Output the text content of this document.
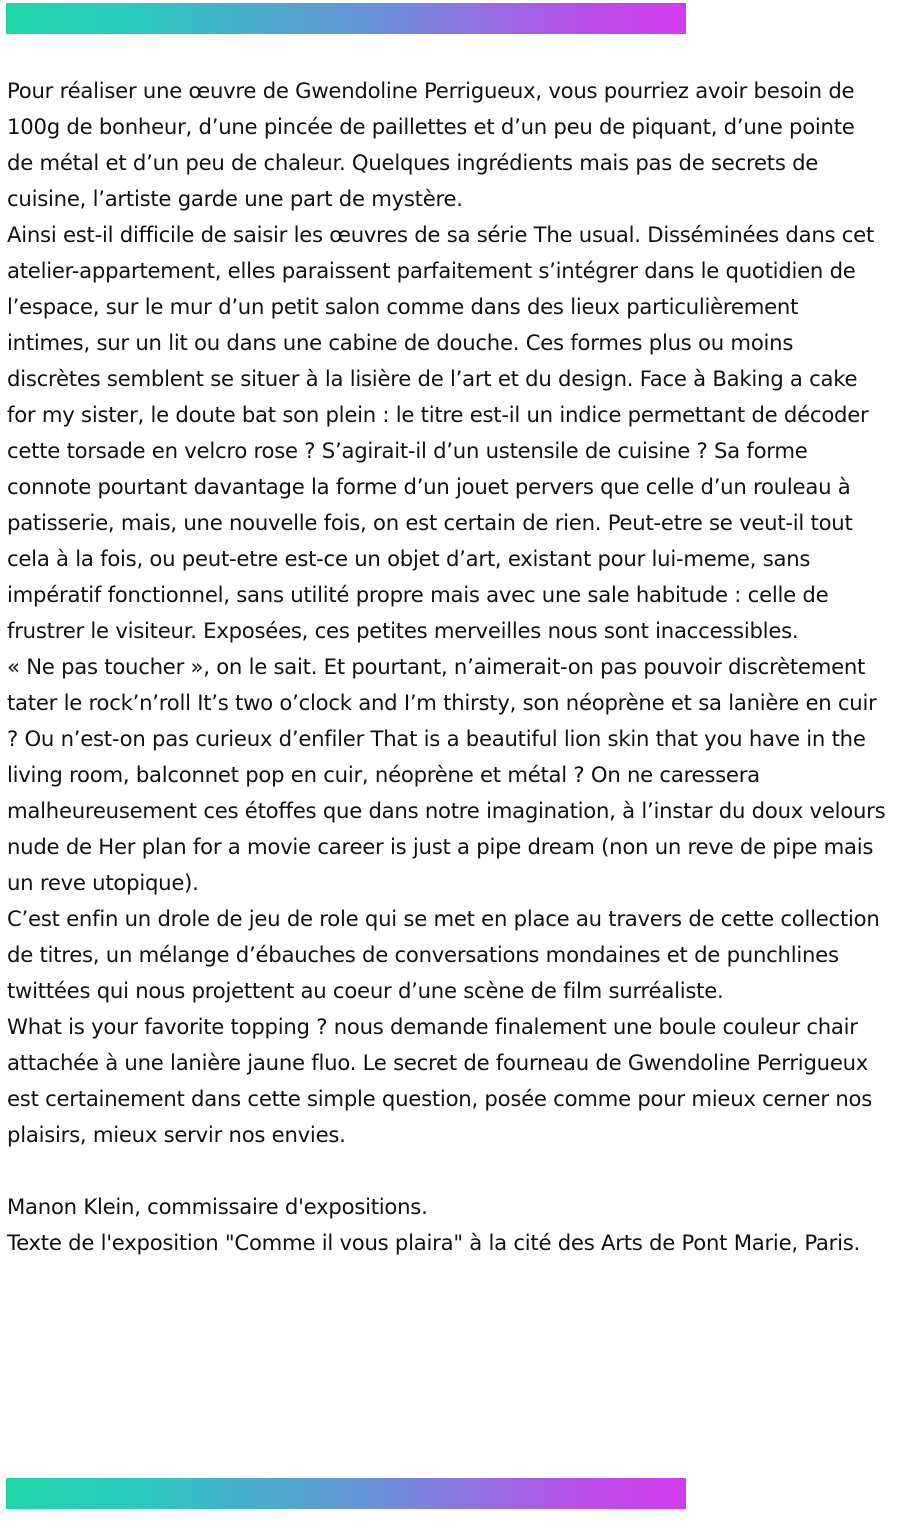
Pour réaliser une œuvre de Gwendoline Perrigueux, vous pourriez avoir besoin de 100g de bonheur, d’une pincée de paillettes et d’un peu de piquant, d’une pointe de métal et d’un peu de chaleur. Quelques ingrédients mais pas de secrets de cuisine, l’artiste garde une part de mystère.

Ainsi est-il difficile de saisir les œuvres de sa série The usual. Disséminées dans cet atelier-appartement, elles paraissent parfaitement s’intégrer dans le quotidien de l’espace, sur le mur d’un petit salon comme dans des lieux particulièrement intimes, sur un lit ou dans une cabine de douche. Ces formes plus ou moins discrètes semblent se situer à la lisière de l’art et du design. Face à Baking a cake for my sister, le doute bat son plein : le titre est-il un indice permettant de décoder cette torsade en velcro rose ? S’agirait-il d’un ustensile de cuisine ? Sa forme connote pourtant davantage la forme d’un jouet pervers que celle d’un rouleau à patisserie, mais, une nouvelle fois, on est certain de rien. Peut-etre se veut-il tout cela à la fois, ou peut-etre est-ce un objet d’art, existant pour lui-meme, sans impératif fonctionnel, sans utilité propre mais avec une sale habitude : celle de frustrer le visiteur. Exposées, ces petites merveilles nous sont inaccessibles.

« Ne pas toucher », on le sait. Et pourtant, n’aimerait-on pas pouvoir discrètement tater le rock’n’roll It’s two o’clock and I’m thirsty, son néoprène et sa lanière en cuir ? Ou n’est-on pas curieux d’enfiler That is a beautiful lion skin that you have in the living room, balconnet pop en cuir, néoprène et métal ? On ne caressera malheureusement ces étoffes que dans notre imagination, à l’instar du doux velours nude de Her plan for a movie career is just a pipe dream (non un reve de pipe mais un reve utopique).

C’est enfin un drole de jeu de role qui se met en place au travers de cette collection de titres, un mélange d’ébauches de conversations mondaines et de punchlines twittées qui nous projettent au coeur d’une scène de film surréaliste.

What is your favorite topping ? nous demande finalement une boule couleur chair attachée à une lanière jaune fluo. Le secret de fourneau de Gwendoline Perrigueux est certainement dans cette simple question, posée comme pour mieux cerner nos plaisirs, mieux servir nos envies.

Manon Klein, commissaire d'expositions.

Texte de l'exposition "Comme il vous plaira" à la cité des Arts de Pont Marie, Paris.
